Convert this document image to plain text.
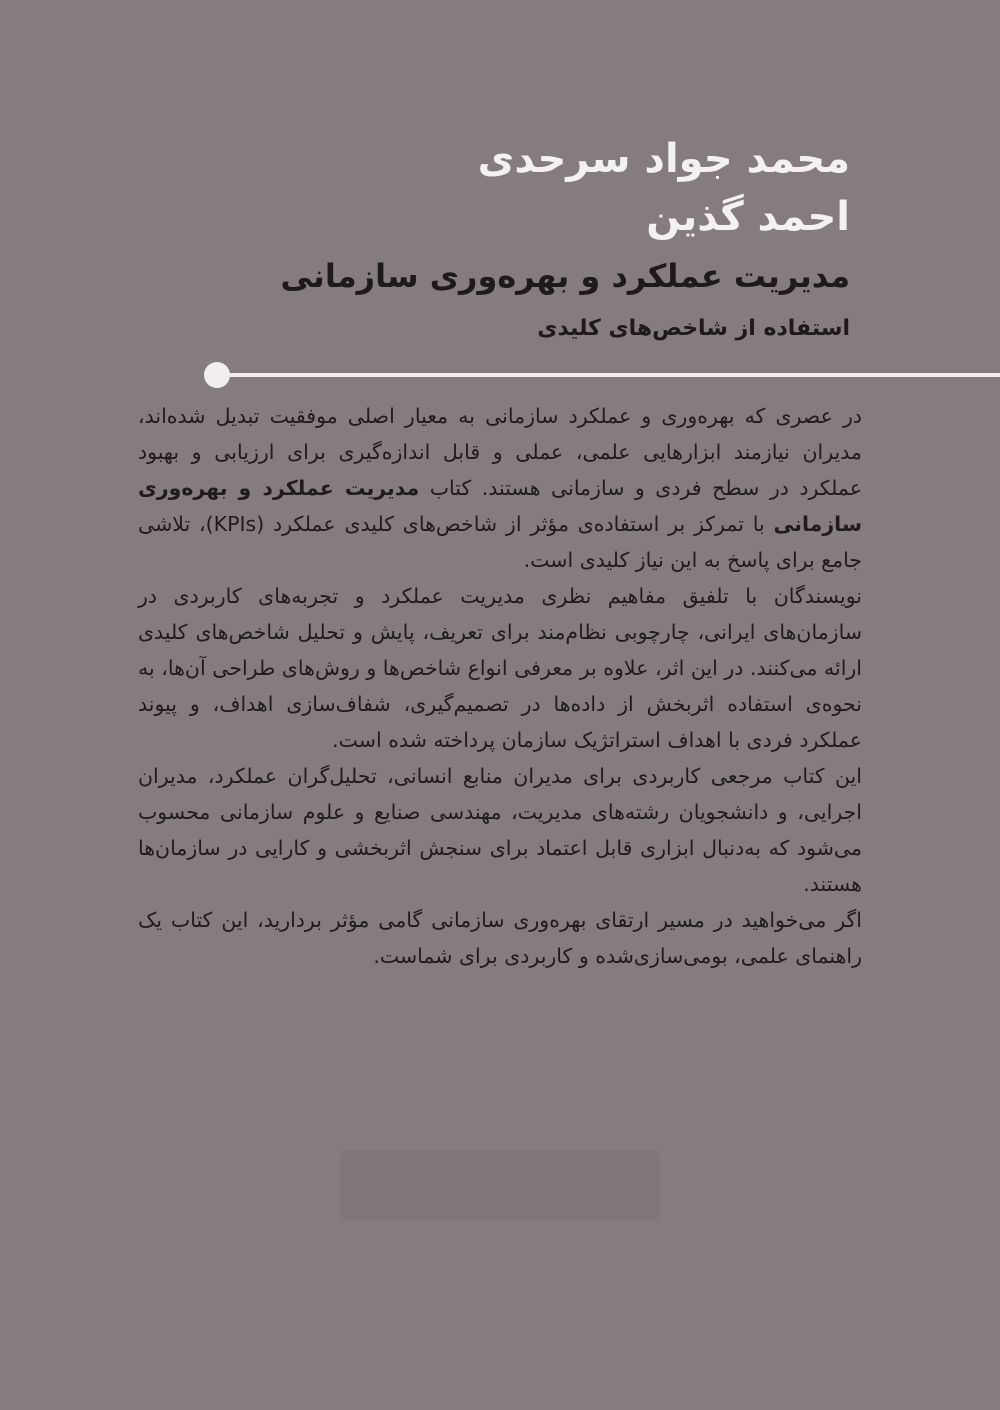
محمد جواد سرحدی
احمد گذین
مدیریت عملکرد و بهره‌وری سازمانی
استفاده از شاخص‌های کلیدی

در عصری که بهره‌وری و عملکرد سازمانی به معیار اصلی موفقیت تبدیل شده‌اند، مدیران نیازمند ابزارهایی علمی، عملی و قابل اندازه‌گیری برای ارزیابی و بهبود عملکرد در سطح فردی و سازمانی هستند. کتاب مدیریت عملکرد و بهره‌وری سازمانی با تمرکز بر استفاده‌ی مؤثر از شاخص‌های کلیدی عملکرد (KPIs)، تلاشی جامع برای پاسخ به این نیاز کلیدی است.

نویسندگان با تلفیق مفاهیم نظری مدیریت عملکرد و تجربه‌های کاربردی در سازمان‌های ایرانی، چارچوبی نظام‌مند برای تعریف، پایش و تحلیل شاخص‌های کلیدی ارائه می‌کنند. در این اثر، علاوه بر معرفی انواع شاخص‌ها و روش‌های طراحی آن‌ها، به نحوه‌ی استفاده اثربخش از داده‌ها در تصمیم‌گیری، شفاف‌سازی اهداف، و پیوند عملکرد فردی با اهداف استراتژیک سازمان پرداخته شده است.

این کتاب مرجعی کاربردی برای مدیران منابع انسانی، تحلیل‌گران عملکرد، مدیران اجرایی، و دانشجویان رشته‌های مدیریت، مهندسی صنایع و علوم سازمانی محسوب می‌شود که به‌دنبال ابزاری قابل اعتماد برای سنجش اثربخشی و کارایی در سازمان‌ها هستند.

اگر می‌خواهید در مسیر ارتقای بهره‌وری سازمانی گامی مؤثر بردارید، این کتاب یک راهنمای علمی، بومی‌سازی‌شده و کاربردی برای شماست.
